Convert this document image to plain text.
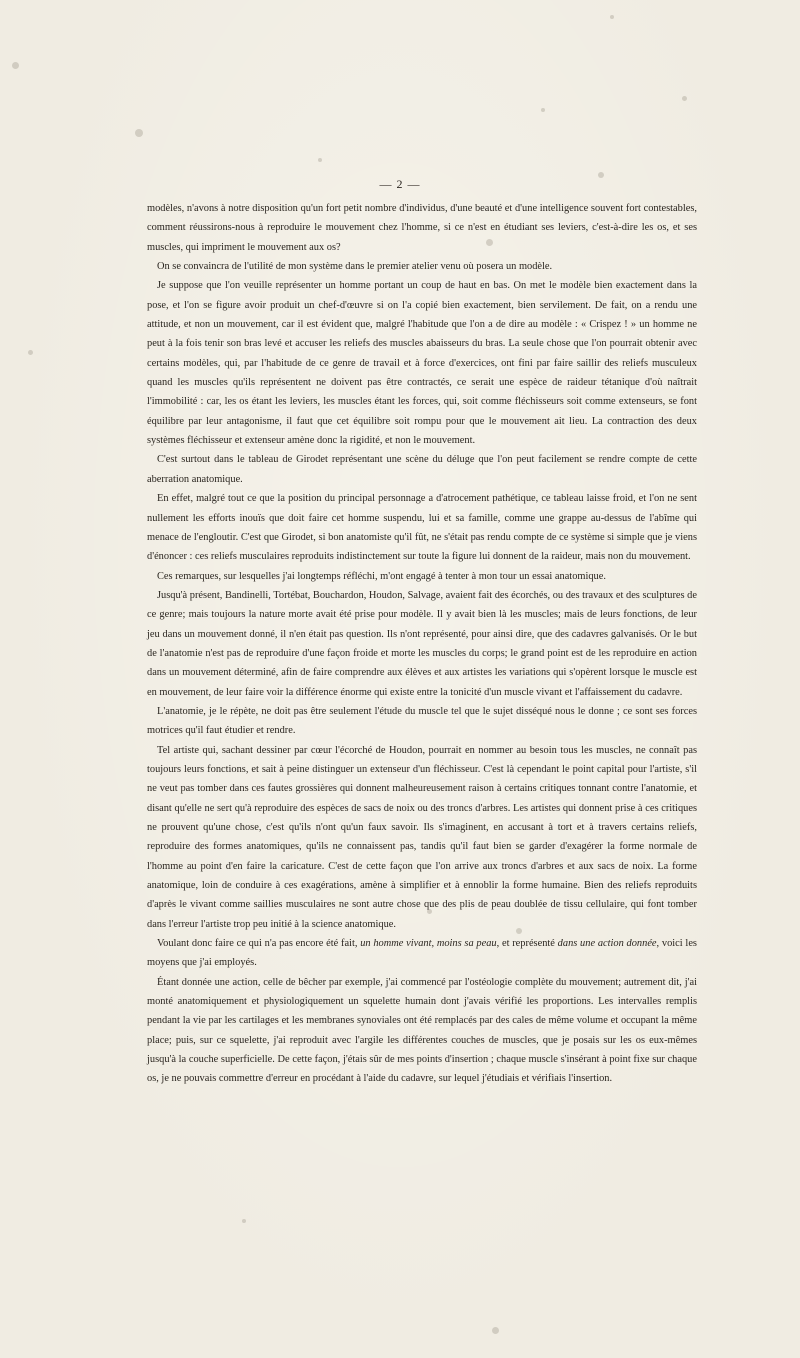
— 2 —

modèles, n'avons à notre disposition qu'un fort petit nombre d'individus, d'une beauté et d'une intelligence souvent fort contestables, comment réussirons-nous à reproduire le mouvement chez l'homme, si ce n'est en étudiant ses leviers, c'est-à-dire les os, et ses muscles, qui impriment le mouvement aux os?

On se convaincra de l'utilité de mon système dans le premier atelier venu où posera un modèle.

Je suppose que l'on veuille représenter un homme portant un coup de haut en bas. On met le modèle bien exactement dans la pose, et l'on se figure avoir produit un chef-d'œuvre si on l'a copié bien exactement, bien servilement. De fait, on a rendu une attitude, et non un mouvement, car il est évident que, malgré l'habitude que l'on a de dire au modèle : « Crispez ! » un homme ne peut à la fois tenir son bras levé et accuser les reliefs des muscles abaisseurs du bras. La seule chose que l'on pourrait obtenir avec certains modèles, qui, par l'habitude de ce genre de travail et à force d'exercices, ont fini par faire saillir des reliefs musculeux quand les muscles qu'ils représentent ne doivent pas être contractés, ce serait une espèce de raideur tétanique d'où naîtrait l'immobilité : car, les os étant les leviers, les muscles étant les forces, qui, soit comme fléchisseurs soit comme extenseurs, se font équilibre par leur antagonisme, il faut que cet équilibre soit rompu pour que le mouvement ait lieu. La contraction des deux systèmes fléchisseur et extenseur amène donc la rigidité, et non le mouvement.

C'est surtout dans le tableau de Girodet représentant une scène du déluge que l'on peut facilement se rendre compte de cette aberration anatomique.

En effet, malgré tout ce que la position du principal personnage a d'atrocement pathétique, ce tableau laisse froid, et l'on ne sent nullement les efforts inouïs que doit faire cet homme suspendu, lui et sa famille, comme une grappe au-dessus de l'abîme qui menace de l'engloutir. C'est que Girodet, si bon anatomiste qu'il fût, ne s'était pas rendu compte de ce système si simple que je viens d'énoncer : ces reliefs musculaires reproduits indistinctement sur toute la figure lui donnent de la raideur, mais non du mouvement.

Ces remarques, sur lesquelles j'ai longtemps réfléchi, m'ont engagé à tenter à mon tour un essai anatomique.

Jusqu'à présent, Bandinelli, Tortébat, Bouchardon, Houdon, Salvage, avaient fait des écorchés, ou des travaux et des sculptures de ce genre; mais toujours la nature morte avait été prise pour modèle. Il y avait bien là les muscles; mais de leurs fonctions, de leur jeu dans un mouvement donné, il n'en était pas question. Ils n'ont représenté, pour ainsi dire, que des cadavres galvanisés. Or le but de l'anatomie n'est pas de reproduire d'une façon froide et morte les muscles du corps; le grand point est de les reproduire en action dans un mouvement déterminé, afin de faire comprendre aux élèves et aux artistes les variations qui s'opèrent lorsque le muscle est en mouvement, de leur faire voir la différence énorme qui existe entre la tonicité d'un muscle vivant et l'affaissement du cadavre.

L'anatomie, je le répète, ne doit pas être seulement l'étude du muscle tel que le sujet disséqué nous le donne ; ce sont ses forces motrices qu'il faut étudier et rendre.

Tel artiste qui, sachant dessiner par cœur l'écorché de Houdon, pourrait en nommer au besoin tous les muscles, ne connaît pas toujours leurs fonctions, et sait à peine distinguer un extenseur d'un fléchisseur. C'est là cependant le point capital pour l'artiste, s'il ne veut pas tomber dans ces fautes grossières qui donnent malheureusement raison à certains critiques tonnant contre l'anatomie, et disant qu'elle ne sert qu'à reproduire des espèces de sacs de noix ou des troncs d'arbres. Les artistes qui donnent prise à ces critiques ne prouvent qu'une chose, c'est qu'ils n'ont qu'un faux savoir. Ils s'imaginent, en accusant à tort et à travers certains reliefs, reproduire des formes anatomiques, qu'ils ne connaissent pas, tandis qu'il faut bien se garder d'exagérer la forme normale de l'homme au point d'en faire la caricature. C'est de cette façon que l'on arrive aux troncs d'arbres et aux sacs de noix. La forme anatomique, loin de conduire à ces exagérations, amène à simplifier et à ennoblir la forme humaine. Bien des reliefs reproduits d'après le vivant comme saillies musculaires ne sont autre chose que des plis de peau doublée de tissu cellulaire, qui font tomber dans l'erreur l'artiste trop peu initié à la science anatomique.

Voulant donc faire ce qui n'a pas encore été fait, un homme vivant, moins sa peau, et représenté dans une action donnée, voici les moyens que j'ai employés.

Étant donnée une action, celle de bêcher par exemple, j'ai commencé par l'ostéologie complète du mouvement; autrement dit, j'ai monté anatomiquement et physiologiquement un squelette humain dont j'avais vérifié les proportions. Les intervalles remplis pendant la vie par les cartilages et les membranes synoviales ont été remplacés par des cales de même volume et occupant la même place; puis, sur ce squelette, j'ai reproduit avec l'argile les différentes couches de muscles, que je posais sur les os eux-mêmes jusqu'à la couche superficielle. De cette façon, j'étais sûr de mes points d'insertion ; chaque muscle s'insérant à point fixe sur chaque os, je ne pouvais commettre d'erreur en procédant à l'aide du cadavre, sur lequel j'étudiais et vérifiais l'insertion.
